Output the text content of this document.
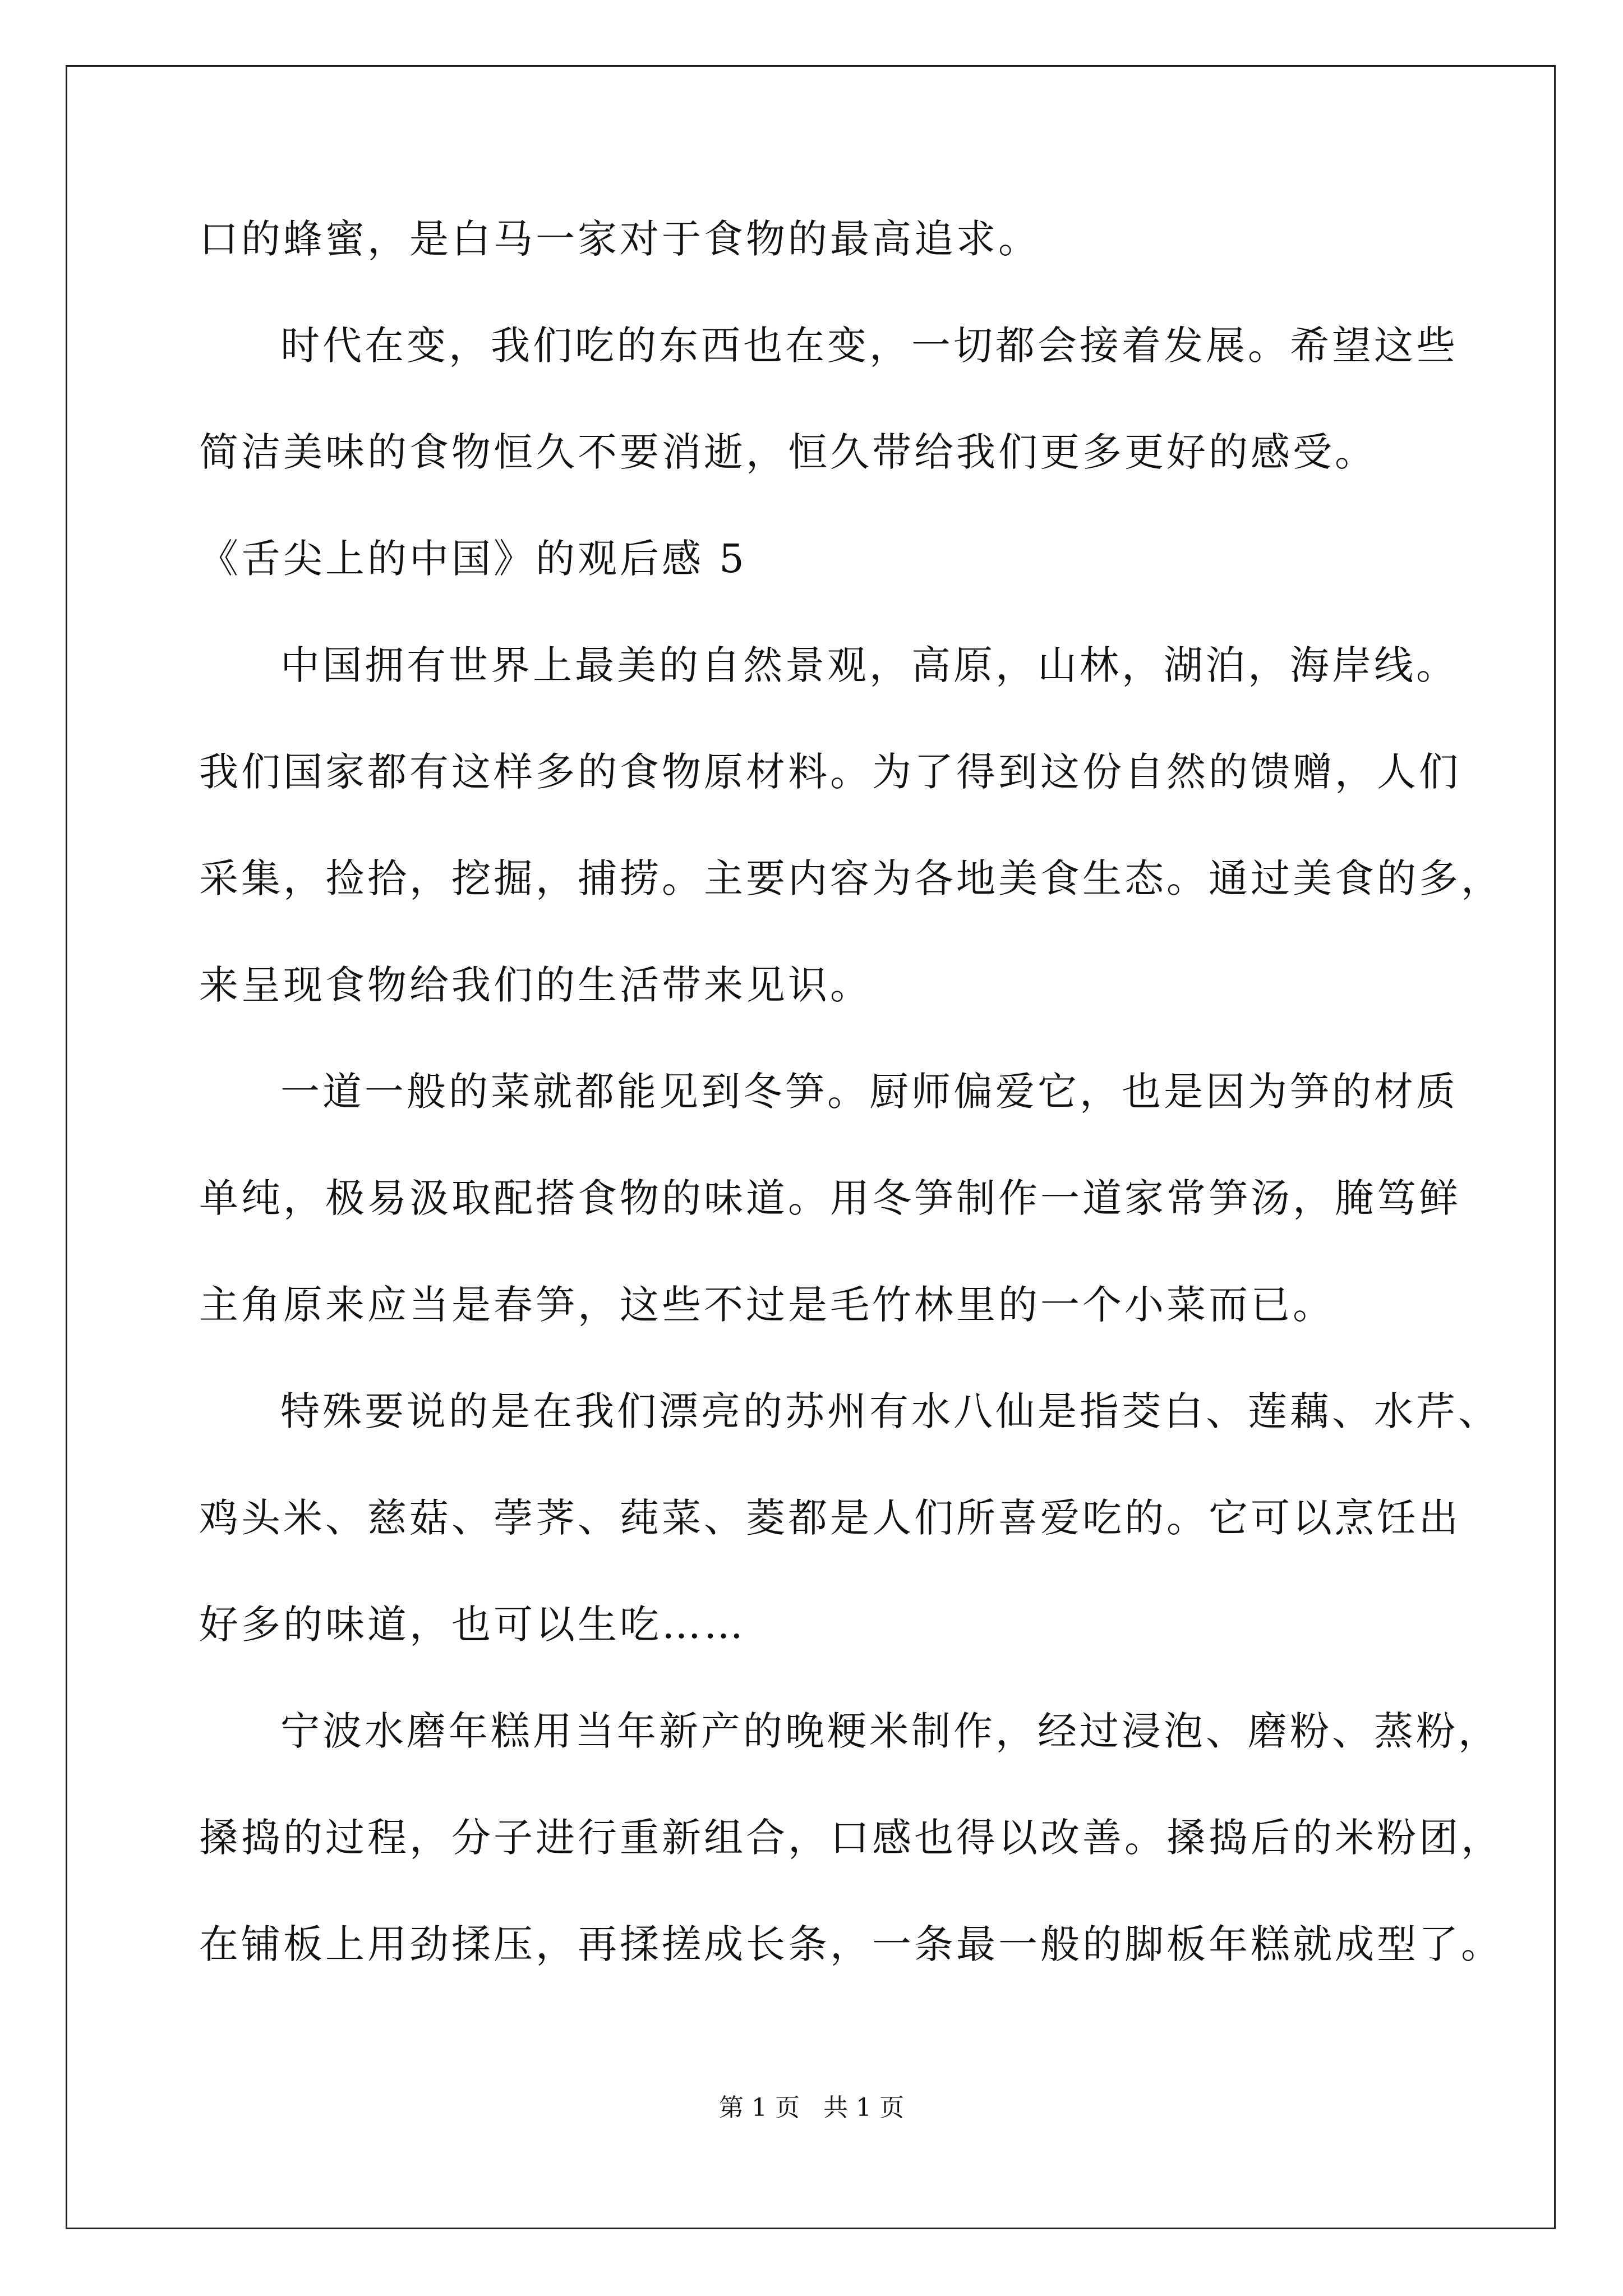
口的蜂蜜，是白马一家对于食物的最高追求。
时代在变，我们吃的东西也在变，一切都会接着发展。希望这些
简洁美味的食物恒久不要消逝，恒久带给我们更多更好的感受。
《舌尖上的中国》的观后感 5
中国拥有世界上最美的自然景观，高原，山林，湖泊，海岸线。
我们国家都有这样多的食物原材料。为了得到这份自然的馈赠，人们
采集，捡拾，挖掘，捕捞。主要内容为各地美食生态。通过美食的多，
来呈现食物给我们的生活带来见识。
一道一般的菜就都能见到冬笋。厨师偏爱它，也是因为笋的材质
单纯，极易汲取配搭食物的味道。用冬笋制作一道家常笋汤，腌笃鲜
主角原来应当是春笋，这些不过是毛竹林里的一个小菜而已。
特殊要说的是在我们漂亮的苏州有水八仙是指茭白、莲藕、水芹、
鸡头米、慈菇、荸荠、莼菜、菱都是人们所喜爱吃的。它可以烹饪出
好多的味道，也可以生吃……
宁波水磨年糕用当年新产的晚粳米制作，经过浸泡、磨粉、蒸粉，
搡捣的过程，分子进行重新组合，口感也得以改善。搡捣后的米粉团，
在铺板上用劲揉压，再揉搓成长条，一条最一般的脚板年糕就成型了。
第 1 页   共 1 页
